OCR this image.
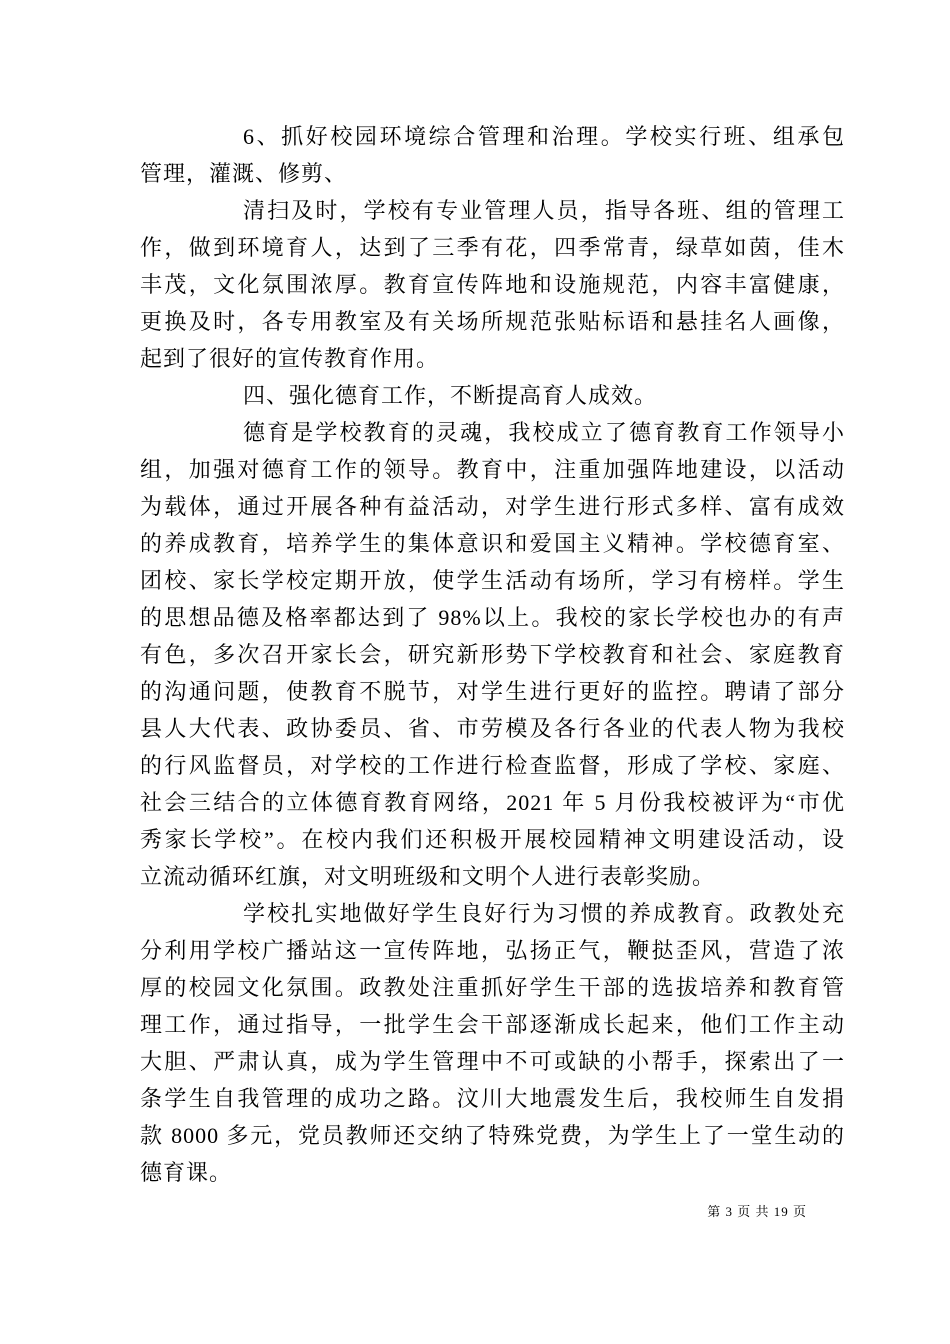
6、抓好校园环境综合管理和治理。学校实行班、组承包
管理，灌溉、修剪、
清扫及时，学校有专业管理人员，指导各班、组的管理工
作，做到环境育人，达到了三季有花，四季常青，绿草如茵，佳木
丰茂，文化氛围浓厚。教育宣传阵地和设施规范，内容丰富健康，
更换及时，各专用教室及有关场所规范张贴标语和悬挂名人画像，
起到了很好的宣传教育作用。
四、强化德育工作，不断提高育人成效。
德育是学校教育的灵魂，我校成立了德育教育工作领导小
组，加强对德育工作的领导。教育中，注重加强阵地建设，以活动
为载体，通过开展各种有益活动，对学生进行形式多样、富有成效
的养成教育，培养学生的集体意识和爱国主义精神。学校德育室、
团校、家长学校定期开放，使学生活动有场所，学习有榜样。学生
的思想品德及格率都达到了 98%以上。我校的家长学校也办的有声
有色，多次召开家长会，研究新形势下学校教育和社会、家庭教育
的沟通问题，使教育不脱节，对学生进行更好的监控。聘请了部分
县人大代表、政协委员、省、市劳模及各行各业的代表人物为我校
的行风监督员，对学校的工作进行检查监督，形成了学校、家庭、
社会三结合的立体德育教育网络，2021 年 5 月份我校被评为“市优
秀家长学校”。在校内我们还积极开展校园精神文明建设活动，设
立流动循环红旗，对文明班级和文明个人进行表彰奖励。
学校扎实地做好学生良好行为习惯的养成教育。政教处充
分利用学校广播站这一宣传阵地，弘扬正气，鞭挞歪风，营造了浓
厚的校园文化氛围。政教处注重抓好学生干部的选拔培养和教育管
理工作，通过指导，一批学生会干部逐渐成长起来，他们工作主动
大胆、严肃认真，成为学生管理中不可或缺的小帮手，探索出了一
条学生自我管理的成功之路。汶川大地震发生后，我校师生自发捐
款 8000 多元，党员教师还交纳了特殊党费，为学生上了一堂生动的
德育课。
第 3 页 共 19 页
